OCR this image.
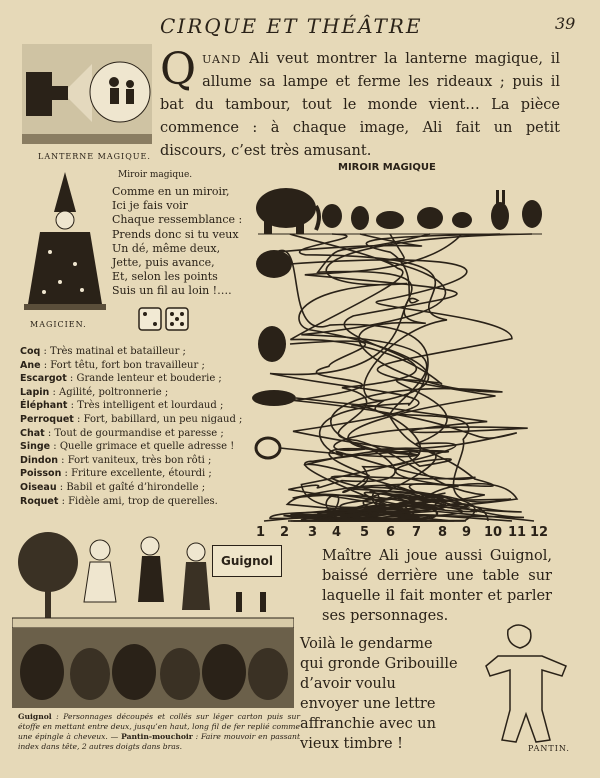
CIRQUE ET THÉÂTRE	39
LANTERNE MAGIQUE.
QUAND Ali veut montrer la lanterne magique, il allume sa lampe et ferme les rideaux ; puis il bat du tambour, tout le monde vient… La pièce commence : à chaque image, Ali fait un petit discours, c’est très amusant.
MAGICIEN.
Miroir magique.
Comme en un miroir,
Ici je fais voir
Chaque ressemblance :
Prends donc si tu veux
Un dé, même deux,
Jette, puis avance,
Et, selon les points
Suis un fil au loin !….
Coq : Très matinal et batailleur ;
Ane : Fort têtu, fort bon travailleur ;
Escargot : Grande lenteur et bouderie ;
Lapin : Agilité, poltronnerie ;
Éléphant : Très intelligent et lourdaud ;
Perroquet : Fort, babillard, un peu nigaud ;
Chat : Tout de gourmandise et paresse ;
Singe : Quelle grimace et quelle adresse !
Dindon : Fort vaniteux, très bon rôti ;
Poisson : Friture excellente, étourdi ;
Oiseau : Babil et gaîté d’hirondelle ;
Roquet : Fidèle ami, trop de querelles.
MIROIR MAGIQUE
1 2 3 4 5 6 7 8 9 10 11 12
Guignol	Maître Ali joue aussi Guignol, baissé derrière une table sur laquelle il fait monter et parler ses personnages.
Voilà le gendarme qui gronde Gribouille d’avoir voulu envoyer une lettre affranchie avec un vieux timbre !	PANTIN.
Guignol : Personnages découpés et collés sur léger carton puis sur étoffe en mettant entre deux, jusqu’en haut, long fil de fer replié comme une épingle à cheveux. — Pantin-mouchoir : Faire mouvoir en passant index dans tête, 2 autres doigts dans bras.
